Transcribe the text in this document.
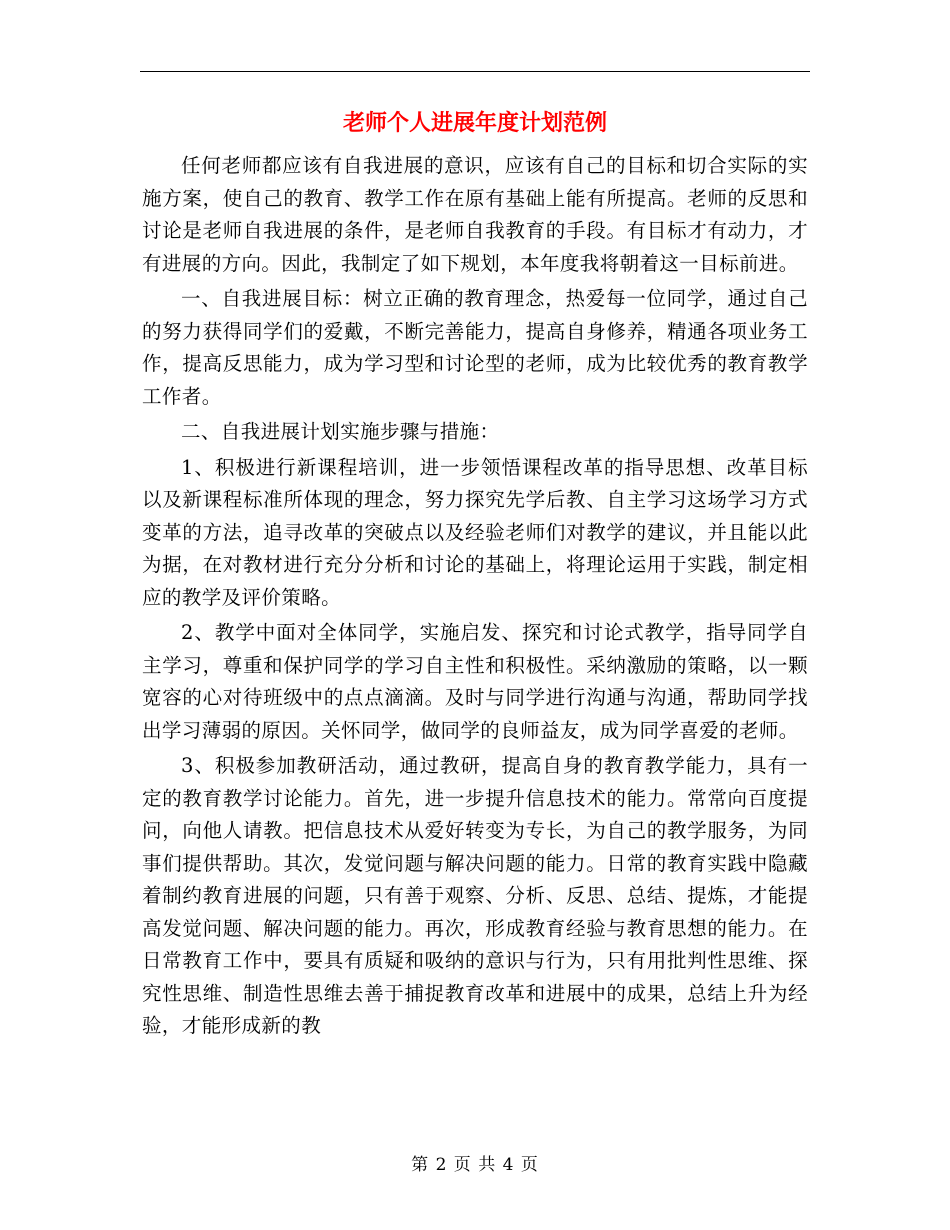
老师个人进展年度计划范例

任何老师都应该有自我进展的意识，应该有自己的目标和切合实际的实施方案，使自己的教育、教学工作在原有基础上能有所提高。老师的反思和讨论是老师自我进展的条件，是老师自我教育的手段。有目标才有动力，才有进展的方向。因此，我制定了如下规划，本年度我将朝着这一目标前进。

一、自我进展目标：树立正确的教育理念，热爱每一位同学，通过自己的努力获得同学们的爱戴，不断完善能力，提高自身修养，精通各项业务工作，提高反思能力，成为学习型和讨论型的老师，成为比较优秀的教育教学工作者。

二、自我进展计划实施步骤与措施：

1、积极进行新课程培训，进一步领悟课程改革的指导思想、改革目标以及新课程标准所体现的理念，努力探究先学后教、自主学习这场学习方式变革的方法，追寻改革的突破点以及经验老师们对教学的建议，并且能以此为据，在对教材进行充分分析和讨论的基础上，将理论运用于实践，制定相应的教学及评价策略。

2、教学中面对全体同学，实施启发、探究和讨论式教学，指导同学自主学习，尊重和保护同学的学习自主性和积极性。采纳激励的策略，以一颗宽容的心对待班级中的点点滴滴。及时与同学进行沟通与沟通，帮助同学找出学习薄弱的原因。关怀同学，做同学的良师益友，成为同学喜爱的老师。

3、积极参加教研活动，通过教研，提高自身的教育教学能力，具有一定的教育教学讨论能力。首先，进一步提升信息技术的能力。常常向百度提问，向他人请教。把信息技术从爱好转变为专长，为自己的教学服务，为同事们提供帮助。其次，发觉问题与解决问题的能力。日常的教育实践中隐藏着制约教育进展的问题，只有善于观察、分析、反思、总结、提炼，才能提高发觉问题、解决问题的能力。再次，形成教育经验与教育思想的能力。在日常教育工作中，要具有质疑和吸纳的意识与行为，只有用批判性思维、探究性思维、制造性思维去善于捕捉教育改革和进展中的成果，总结上升为经验，才能形成新的教

第 2 页 共 4 页
